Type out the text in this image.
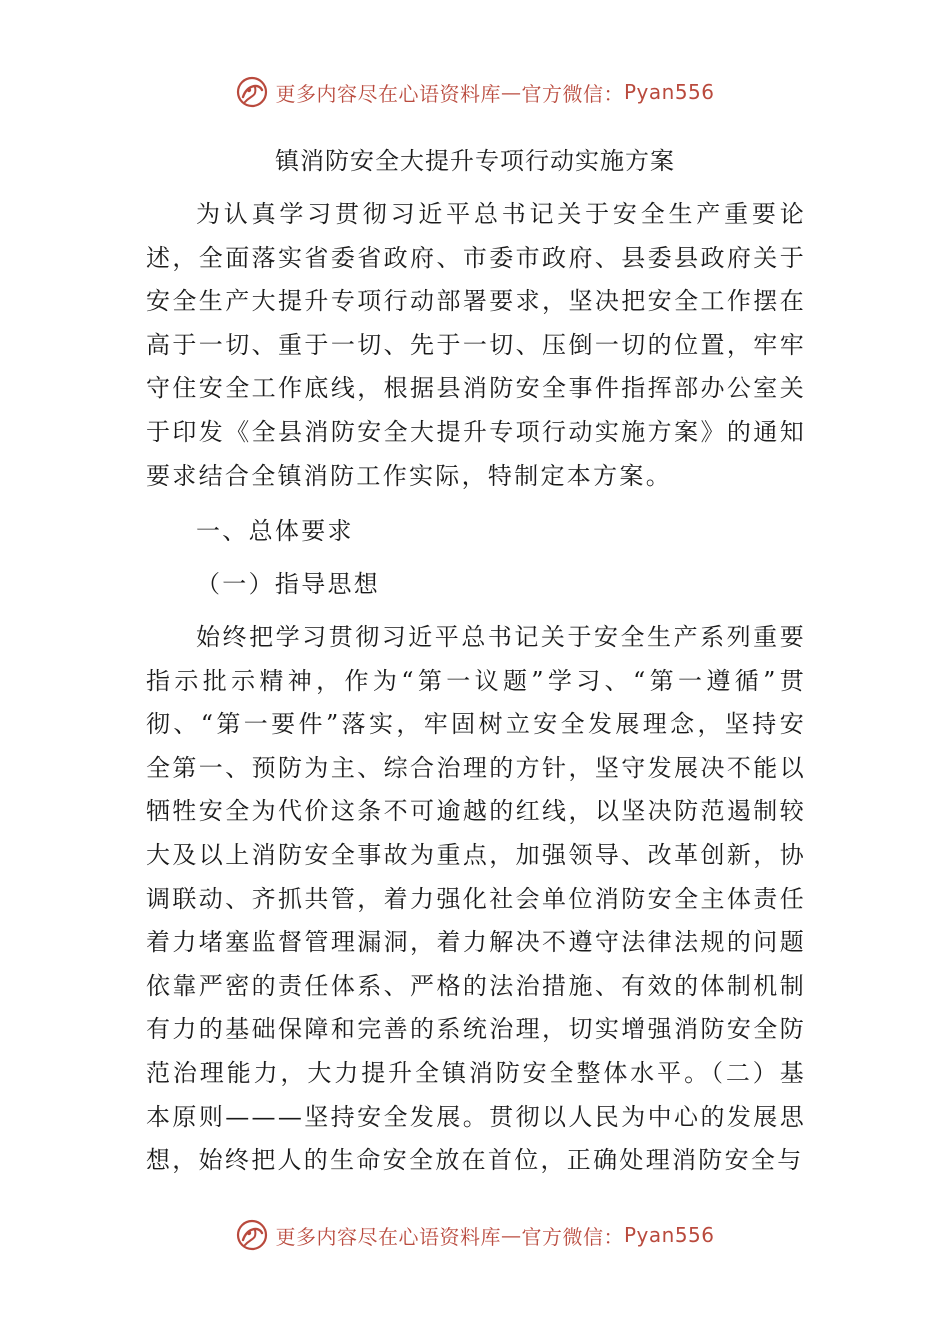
更多内容尽在心语资料库 — 官方微信： Pyan556
镇消防安全大提升专项行动实施方案
为认真学习贯彻习近平总书记关于安全生产重要论述，全面落实省委省政府、市委市政府、县委县政府关于安全生产大提升专项行动部署要求，坚决把安全工作摆在高于一切、重于一切、先于一切、压倒一切的位置，牢牢守住安全工作底线，根据县消防安全事件指挥部办公室关于印发《全县消防安全大提升专项行动实施方案》的通知要求结合全镇消防工作实际，特制定本方案。
一、总体要求
（一）指导思想
始终把学习贯彻习近平总书记关于安全生产系列重要指示批示精神，作为“第一议题”学习、“第一遵循”贯彻、“第一要件”落实，牢固树立安全发展理念，坚持安全第一、预防为主、综合治理的方针，坚守发展决不能以牺牲安全为代价这条不可逾越的红线，以坚决防范遏制较大及以上消防安全事故为重点，加强领导、改革创新，协调联动、齐抓共管，着力强化社会单位消防安全主体责任着力堵塞监督管理漏洞，着力解决不遵守法律法规的问题依靠严密的责任体系、严格的法治措施、有效的体制机制有力的基础保障和完善的系统治理，切实增强消防安全防范治理能力，大力提升全镇消防安全整体水平。（二）基本原则———坚持安全发展。贯彻以人民为中心的发展思想，始终把人的生命安全放在首位，正确处理消防安全与
更多内容尽在心语资料库 — 官方微信： Pyan556
